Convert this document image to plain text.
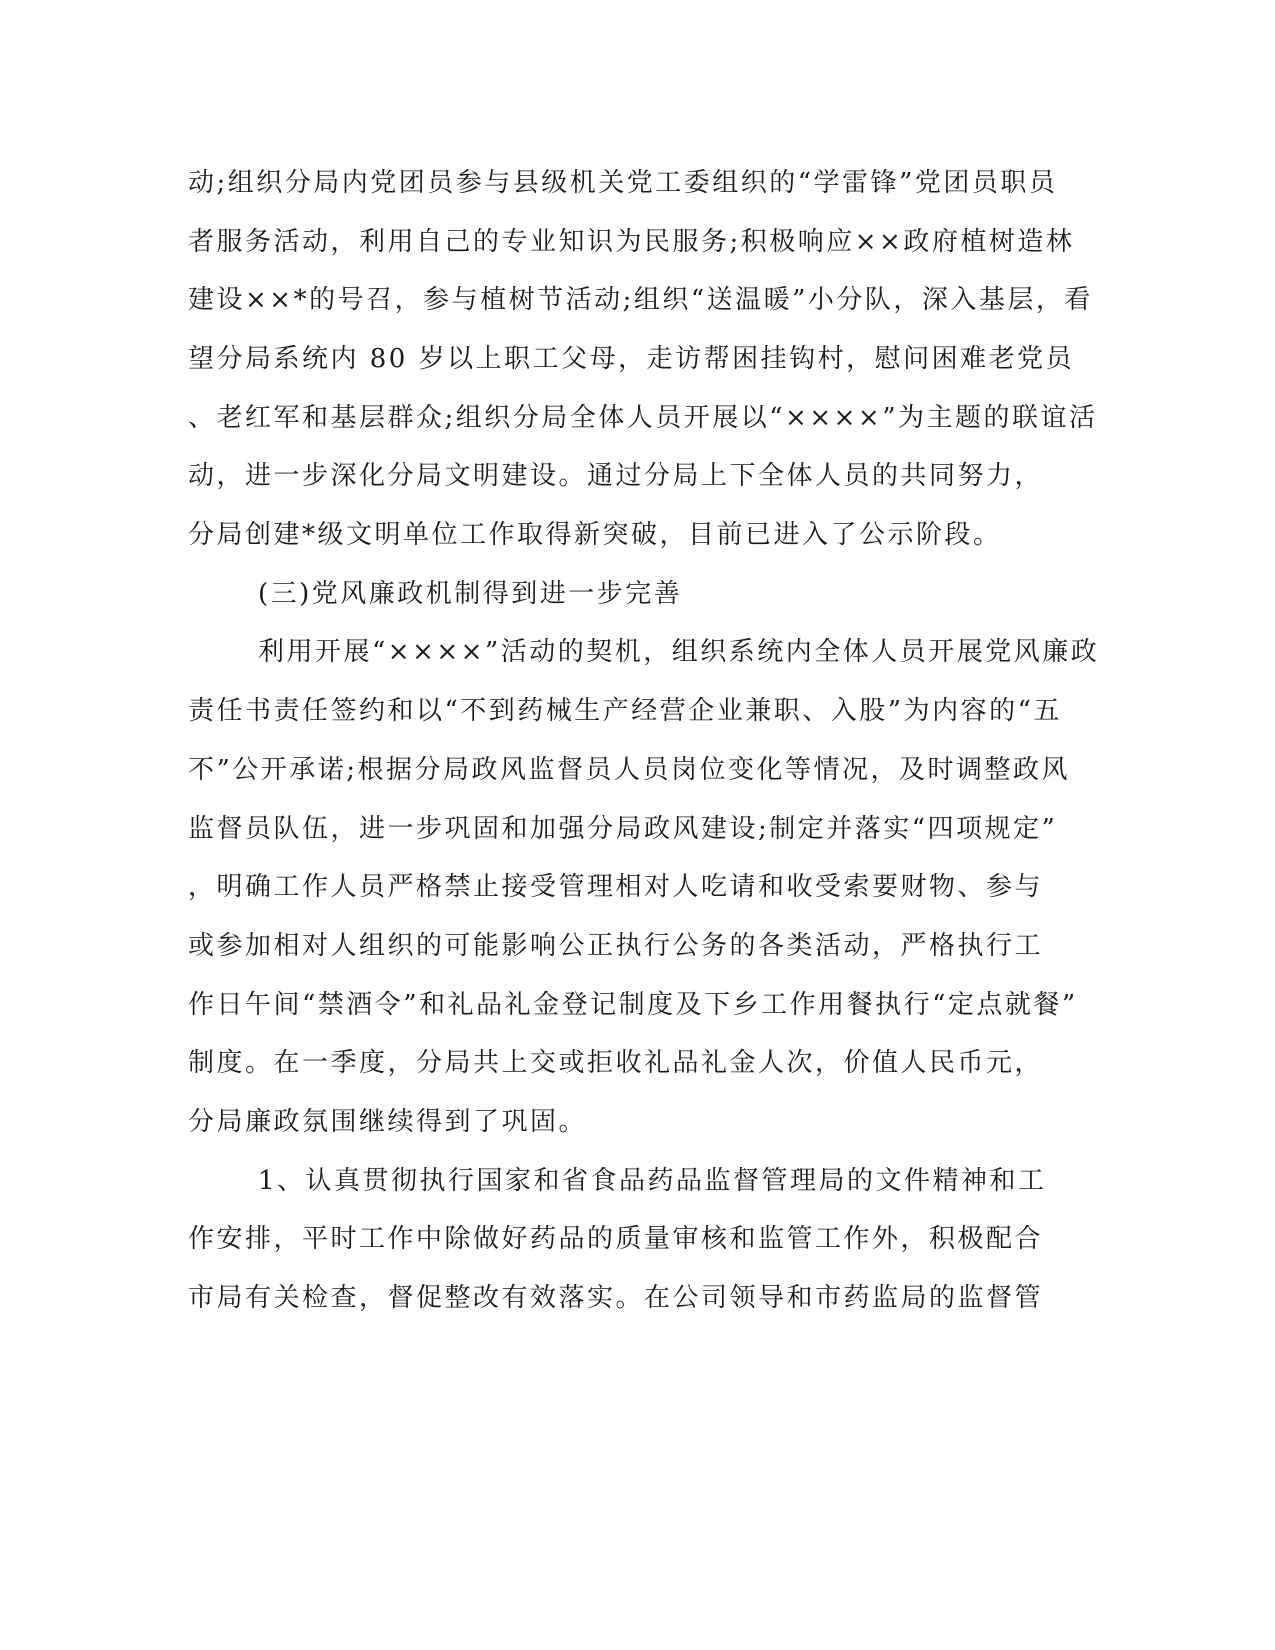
动;组织分局内党团员参与县级机关党工委组织的“学雷锋”党团员职员
者服务活动，利用自己的专业知识为民服务;积极响应××政府植树造林
建设××*的号召，参与植树节活动;组织“送温暖”小分队，深入基层，看
望分局系统内 80 岁以上职工父母，走访帮困挂钩村，慰问困难老党员
、老红军和基层群众;组织分局全体人员开展以“××××”为主题的联谊活
动，进一步深化分局文明建设。通过分局上下全体人员的共同努力，
分局创建*级文明单位工作取得新突破，目前已进入了公示阶段。
(三)党风廉政机制得到进一步完善
利用开展“××××”活动的契机，组织系统内全体人员开展党风廉政
责任书责任签约和以“不到药械生产经营企业兼职、入股”为内容的“五
不”公开承诺;根据分局政风监督员人员岗位变化等情况，及时调整政风
监督员队伍，进一步巩固和加强分局政风建设;制定并落实“四项规定”
，明确工作人员严格禁止接受管理相对人吃请和收受索要财物、参与
或参加相对人组织的可能影响公正执行公务的各类活动，严格执行工
作日午间“禁酒令”和礼品礼金登记制度及下乡工作用餐执行“定点就餐”
制度。在一季度，分局共上交或拒收礼品礼金人次，价值人民币元，
分局廉政氛围继续得到了巩固。
1、认真贯彻执行国家和省食品药品监督管理局的文件精神和工
作安排，平时工作中除做好药品的质量审核和监管工作外，积极配合
市局有关检查，督促整改有效落实。在公司领导和市药监局的监督管
